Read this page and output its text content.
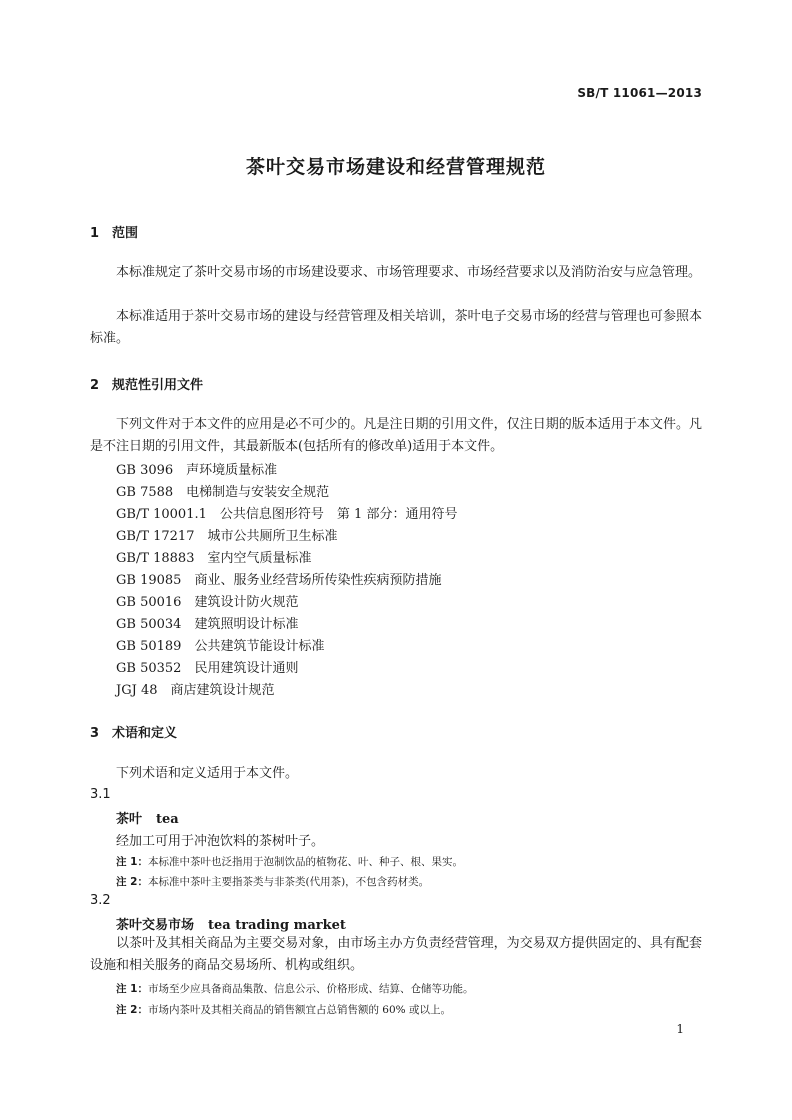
SB/T 11061—2013
茶叶交易市场建设和经营管理规范
1 范围
本标准规定了茶叶交易市场的市场建设要求、市场管理要求、市场经营要求以及消防治安与应急管理。
本标准适用于茶叶交易市场的建设与经营管理及相关培训，茶叶电子交易市场的经营与管理也可参照本标准。
2 规范性引用文件
下列文件对于本文件的应用是必不可少的。凡是注日期的引用文件，仅注日期的版本适用于本文件。凡是不注日期的引用文件，其最新版本(包括所有的修改单)适用于本文件。
GB 3096　 声环境质量标准
GB 7588　 电梯制造与安装安全规范
GB/T 10001.1　 公共信息图形符号　第 1 部分：通用符号
GB/T 17217　 城市公共厕所卫生标准
GB/T 18883　 室内空气质量标准
GB 19085　 商业、服务业经营场所传染性疾病预防措施
GB 50016　 建筑设计防火规范
GB 50034　 建筑照明设计标准
GB 50189　 公共建筑节能设计标准
GB 50352　 民用建筑设计通则
JGJ 48　 商店建筑设计规范
3 术语和定义
下列术语和定义适用于本文件。
3.1
茶叶 tea
经加工可用于冲泡饮料的茶树叶子。
注 1：本标准中茶叶也泛指用于泡制饮品的植物花、叶、种子、根、果实。
注 2：本标准中茶叶主要指茶类与非茶类(代用茶)，不包含药材类。
3.2
茶叶交易市场 tea trading market
以茶叶及其相关商品为主要交易对象，由市场主办方负责经营管理，为交易双方提供固定的、具有配套设施和相关服务的商品交易场所、机构或组织。
注 1：市场至少应具备商品集散、信息公示、价格形成、结算、仓储等功能。
注 2：市场内茶叶及其相关商品的销售额宜占总销售额的 60% 或以上。
1
